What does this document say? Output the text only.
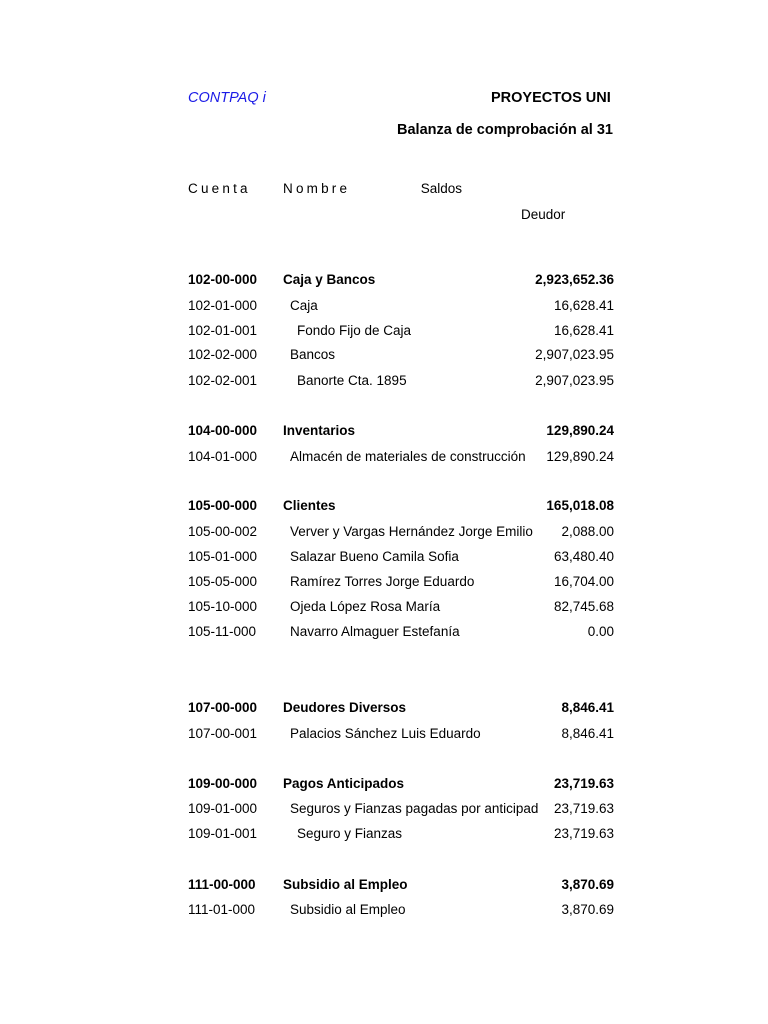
CONTPAQ i	PROYECTOS UNI
Balanza de comprobación al 31
Cuenta Nombre	Saldos
Deudor
102-00-000 Caja y Bancos	2,923,652.36
102-01-000 Caja	16,628.41
102-01-001	Fondo Fijo de Caja	16,628.41
102-02-000 Bancos	2,907,023.95
102-02-001	Banorte Cta. 1895	2,907,023.95
104-00-000 Inventarios	129,890.24
104-01-000 Almacén de materiales de construcción 129,890.24
105-00-000 Clientes	165,018.08
105-00-002 Verver y Vargas Hernández Jorge Emilio 2,088.00
105-01-000 Salazar Bueno Camila Sofia	63,480.40
105-05-000 Ramírez Torres Jorge Eduardo	16,704.00
105-10-000 Ojeda López Rosa María	82,745.68
105-11-000	Navarro Almaguer Estefanía	0.00
107-00-000 Deudores Diversos	8,846.41
107-00-001 Palacios Sánchez Luis Eduardo	8,846.41
109-00-000 Pagos Anticipados	23,719.63
109-01-000 Seguros y Fianzas pagadas por anticipad 23,719.63
109-01-001	Seguro y Fianzas	23,719.63
111-00-000 Subsidio al Empleo	3,870.69
111-01-000	Subsidio al Empleo	3,870.69
